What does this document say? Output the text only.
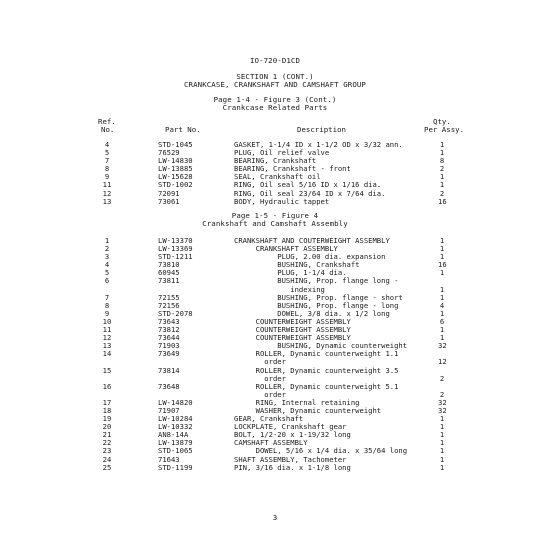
IO-720-D1CD
SECTION 1 (CONT.)
CRANKCASE, CRANKSHAFT AND CAMSHAFT GROUP
Page 1-4 - Figure 3 (Cont.)
Crankcase Related Parts
Ref.
No.	Part No.	Description
Qty.
Per Assy.
4	STD-1045	GASKET, 1-1/4 ID x 1-1/2 OD x 3/32 ann.	1
5	76529	PLUG, Oil relief valve	1
7	LW-14830	BEARING, Crankshaft	8
8	LW-13885	BEARING, Crankshaft - front	2
9	LW-15628	SEAL, Crankshaft oil	1
11	STD-1002	RING, Oil seal 5/16 ID x 1/16 dia.	1
12	72091	RING, Oil seal 23/64 ID x 7/64 dia.	2
13	73061	BODY, Hydraulic tappet	16
Page 1-5 - Figure 4
Crankshaft and Camshaft Assembly
1	LW-13370	CRANKSHAFT AND COUTERWEIGHT ASSEMBLY	1
2	LW-13369	CRANKSHAFT ASSEMBLY	1
3	STD-1211	PLUG, 2.00 dia. expansion	1
4	73810	BUSHING, Crankshaft	16
5	60945	PLUG, 1-1/4 dia.	1
6	73811	BUSHING, Prop. flange long -
indexing	1
7	72155	BUSHING, Prop. flange - short	1
8	72156	BUSHING, Prop. flange - long	4
9	STD-2078	DOWEL, 3/8 dia. x 1/2 long	1
10	73643	COUNTERWEIGHT ASSEMBLY	6
11	73812	COUNTERWEIGHT ASSEMBLY	1
12	73644	COUNTERWEIGHT ASSEMBLY	1
13	71903	BUSHING, Dynamic counterweight	32
14	73649	ROLLER, Dynamic counterweight 1.1
order	12
15	73814	ROLLER, Dynamic counterweight 3.5
order	2
16	73648	ROLLER, Dynamic counterweight 5.1
order	2
17	LW-14820	RING, Internal retaining	32
18	71907	WASHER, Dynamic counterweight	32
19	LW-10284	GEAR, Crankshaft	1
20	LW-10332	LOCKPLATE, Crankshaft gear	1
21	AN8-14A	BOLT, 1/2-20 x 1-19/32 long	1
22	LW-13879	CAMSHAFT ASSEMBLY	1
23	STD-1065	DOWEL, 5/16 x 1/4 dia. x 35/64 long	1
24	71643	SHAFT ASSEMBLY, Tachometer	1
25	STD-1199	PIN, 3/16 dia. x 1-1/8 long	1
3
